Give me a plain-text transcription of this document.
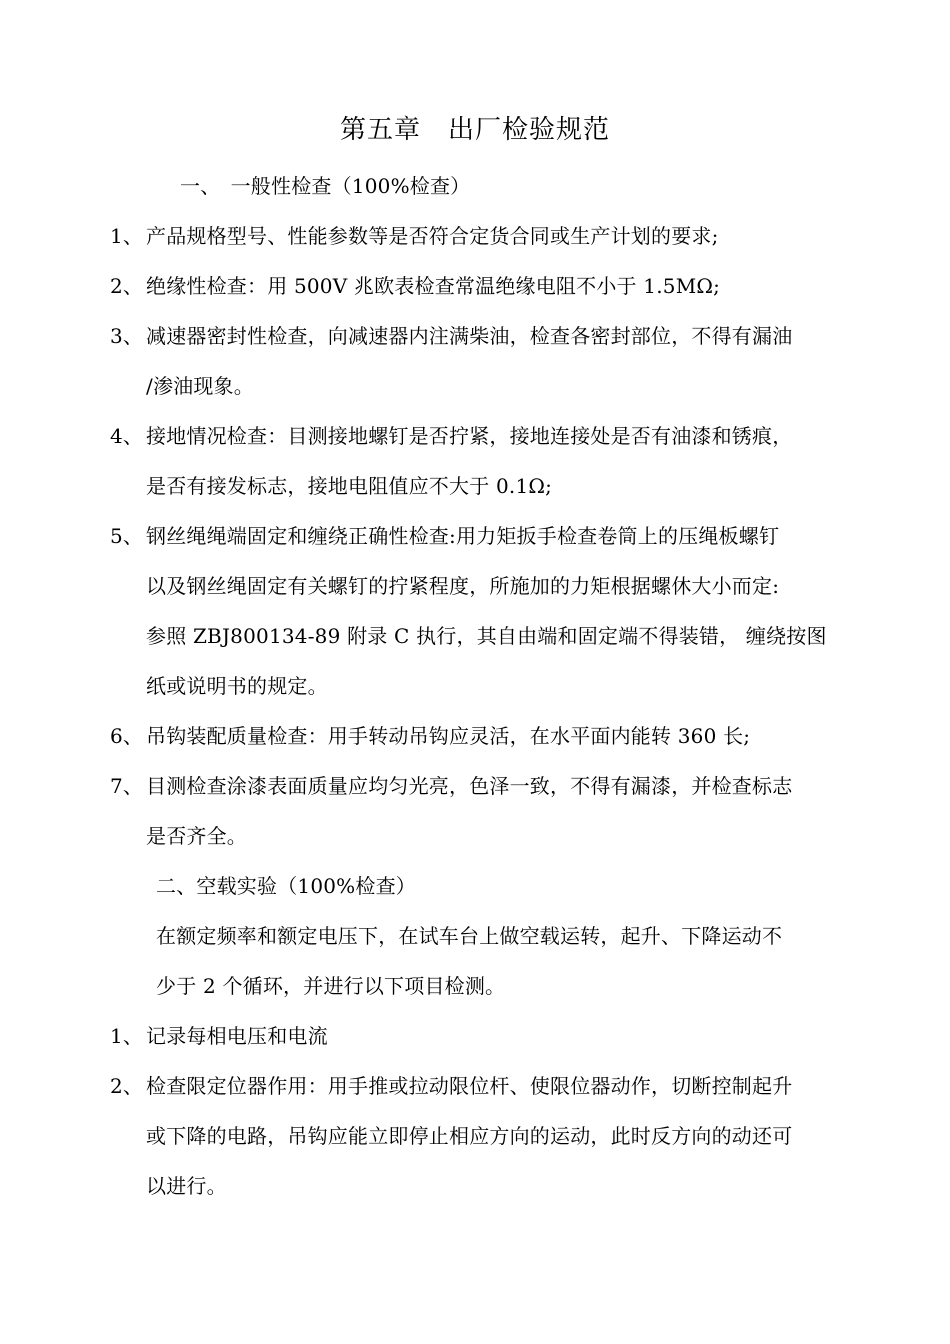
第五章　出厂检验规范
一、　一般性检查（100%检查）
1、 产品规格型号、性能参数等是否符合定货合同或生产计划的要求;
2、 绝缘性检查：用 500V 兆欧表检查常温绝缘电阻不小于 1.5MΩ;
3、 减速器密封性检查，向减速器内注满柴油，检查各密封部位，不得有漏油
/渗油现象。
4、 接地情况检查：目测接地螺钉是否拧紧，接地连接处是否有油漆和锈痕，
是否有接发标志，接地电阻值应不大于 0.1Ω;
5、 钢丝绳绳端固定和缠绕正确性检查:用力矩扳手检查卷筒上的压绳板螺钉
以及钢丝绳固定有关螺钉的拧紧程度，所施加的力矩根据螺休大小而定:
参照 ZBJ800134-89 附录 C 执行，其自由端和固定端不得装错， 缠绕按图
纸或说明书的规定。
6、 吊钩装配质量检查：用手转动吊钩应灵活，在水平面内能转 360 长;
7、 目测检查涂漆表面质量应均匀光亮，色泽一致，不得有漏漆，并检查标志
是否齐全。
二、空载实验（100%检查）
在额定频率和额定电压下，在试车台上做空载运转，起升、下降运动不
少于 2 个循环，并进行以下项目检测。
1、 记录每相电压和电流
2、 检查限定位器作用：用手推或拉动限位杆、使限位器动作，切断控制起升
或下降的电路，吊钩应能立即停止相应方向的运动，此时反方向的动还可
以进行。
